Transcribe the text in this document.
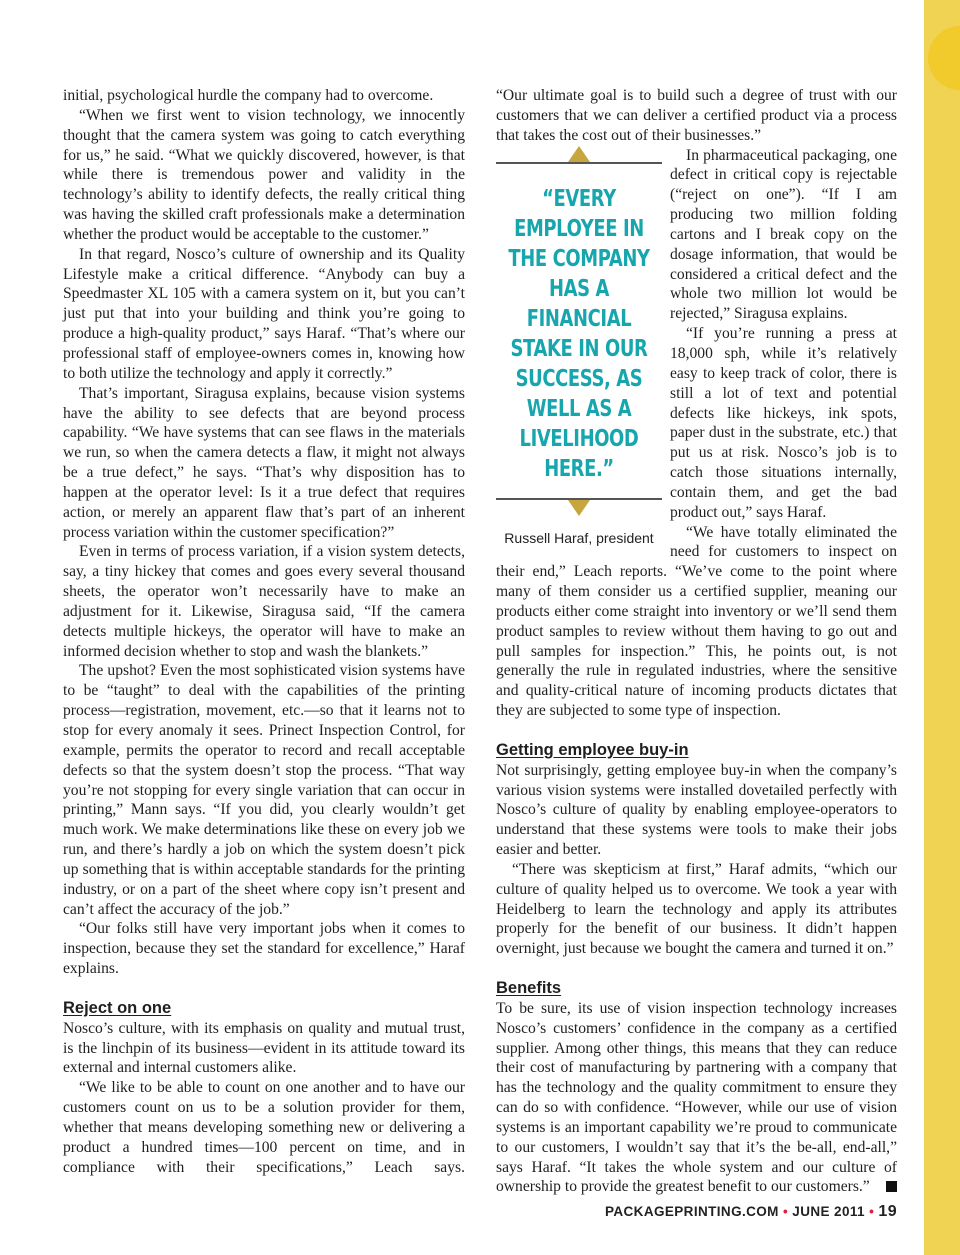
initial, psychological hurdle the company had to overcome.

“When we first went to vision technology, we innocently thought that the camera system was going to catch everything for us,” he said. “What we quickly discovered, however, is that while there is tremendous power and validity in the technology’s ability to identify defects, the really critical thing was having the skilled craft professionals make a determination whether the product would be acceptable to the customer.”

In that regard, Nosco’s culture of ownership and its Quality Lifestyle make a critical difference. “Anybody can buy a Speedmaster XL 105 with a camera system on it, but you can’t just put that into your building and think you’re going to produce a high-quality product,” says Haraf. “That’s where our professional staff of employee-owners comes in, knowing how to both utilize the technology and apply it correctly.”

That’s important, Siragusa explains, because vision systems have the ability to see defects that are beyond process capability. “We have systems that can see flaws in the materials we run, so when the camera detects a flaw, it might not always be a true defect,” he says. “That’s why disposition has to happen at the operator level: Is it a true defect that requires action, or merely an apparent flaw that’s part of an inherent process variation within the customer specification?”

Even in terms of process variation, if a vision system detects, say, a tiny hickey that comes and goes every several thousand sheets, the operator won’t necessarily have to make an adjustment for it. Likewise, Siragusa said, “If the camera detects multiple hickeys, the operator will have to make an informed decision whether to stop and wash the blankets.”

The upshot? Even the most sophisticated vision systems have to be “taught” to deal with the capabilities of the printing process—registration, movement, etc.—so that it learns not to stop for every anomaly it sees. Prinect Inspection Control, for example, permits the operator to record and recall acceptable defects so that the system doesn’t stop the process. “That way you’re not stopping for every single variation that can occur in printing,” Mann says. “If you did, you clearly wouldn’t get much work. We make determinations like these on every job we run, and there’s hardly a job on which the system doesn’t pick up something that is within acceptable standards for the printing industry, or on a part of the sheet where copy isn’t present and can’t affect the accuracy of the job.”

“Our folks still have very important jobs when it comes to inspection, because they set the standard for excellence,” Haraf explains.

Reject on one

Nosco’s culture, with its emphasis on quality and mutual trust, is the linchpin of its business—evident in its attitude toward its external and internal customers alike.

“We like to be able to count on one another and to have our customers count on us to be a solution provider for them, whether that means developing something new or delivering a product a hundred times—100 percent on time, and in compliance with their specifications,” Leach says.

“Our ultimate goal is to build such a degree of trust with our customers that we can deliver a certified product via a process that takes the cost out of their businesses.”

“EVERY EMPLOYEE IN THE COMPANY HAS A FINANCIAL STAKE IN OUR SUCCESS, AS WELL AS A LIVELIHOOD HERE.”
Russell Haraf, president

In pharmaceutical packaging, one defect in critical copy is rejectable (“reject on one”). “If I am producing two million folding cartons and I break copy on the dosage information, that would be considered a critical defect and the whole two million lot would be rejected,” Siragusa explains.

“If you’re running a press at 18,000 sph, while it’s relatively easy to keep track of color, there is still a lot of text and potential defects like hickeys, ink spots, paper dust in the substrate, etc.) that put us at risk. Nosco’s job is to catch those situations internally, contain them, and get the bad product out,” says Haraf.

“We have totally eliminated the need for customers to inspect on their end,” Leach reports. “We’ve come to the point where many of them consider us a certified supplier, meaning our products either come straight into inventory or we’ll send them product samples to review without them having to go out and pull samples for inspection.” This, he points out, is not generally the rule in regulated industries, where the sensitive and quality-critical nature of incoming products dictates that they are subjected to some type of inspection.

Getting employee buy-in

Not surprisingly, getting employee buy-in when the company’s various vision systems were installed dovetailed perfectly with Nosco’s culture of quality by enabling employee-operators to understand that these systems were tools to make their jobs easier and better.

“There was skepticism at first,” Haraf admits, “which our culture of quality helped us to overcome. We took a year with Heidelberg to learn the technology and apply its attributes properly for the benefit of our business. It didn’t happen overnight, just because we bought the camera and turned it on.”

Benefits

To be sure, its use of vision inspection technology increases Nosco’s customers’ confidence in the company as a certified supplier. Among other things, this means that they can reduce their cost of manufacturing by partnering with a company that has the technology and the quality commitment to ensure they can do so with confidence. “However, while our use of vision systems is an important capability we’re proud to communicate to our customers, I wouldn’t say that it’s the be-all, end-all,” says Haraf. “It takes the whole system and our culture of ownership to provide the greatest benefit to our customers.”

PACKAGEPRINTING.COM • JUNE 2011 • 19
